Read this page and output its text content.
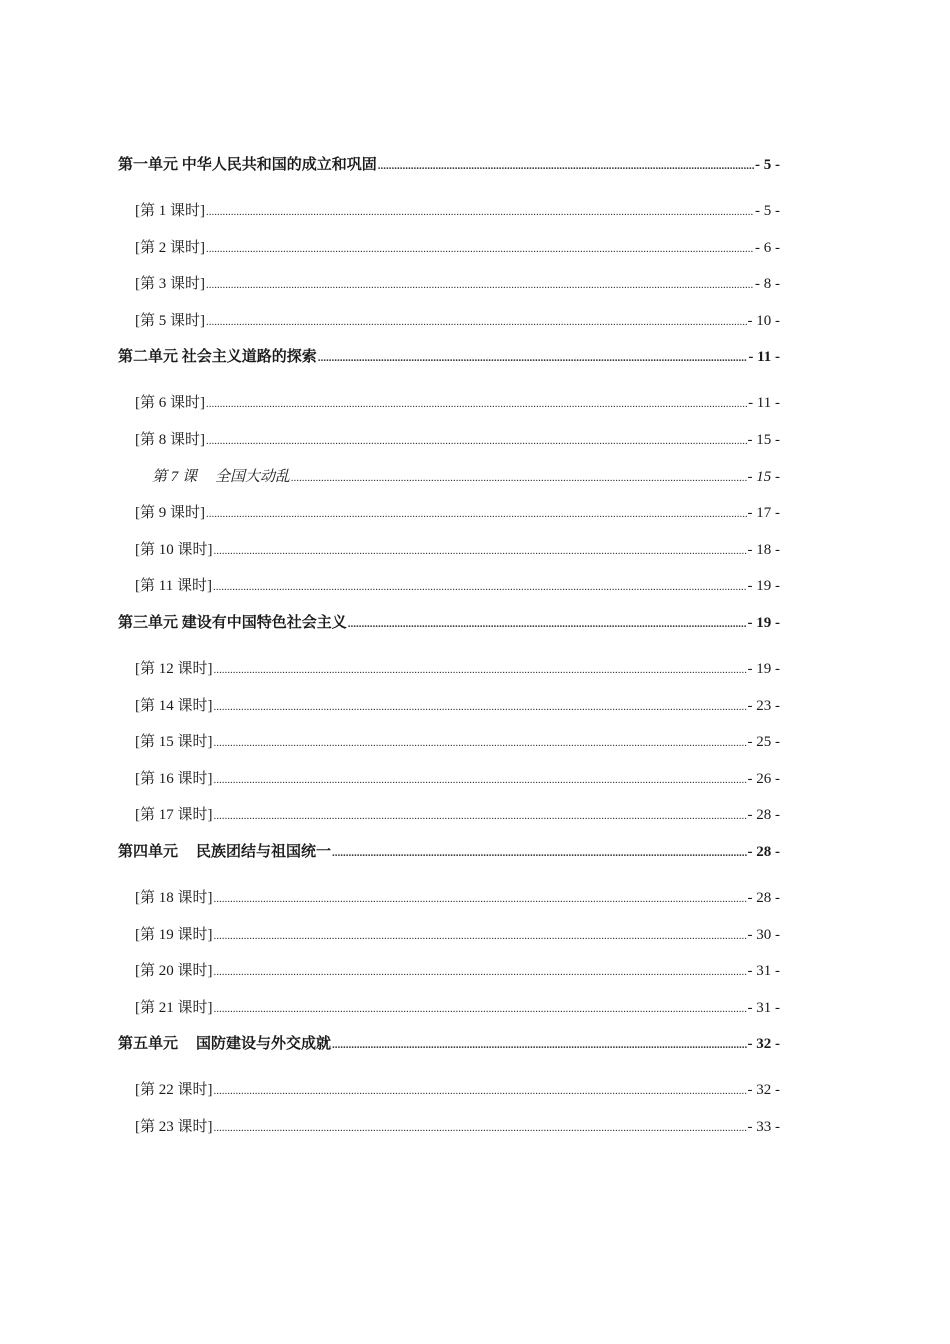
第一单元 中华人民共和国的成立和巩固 .....	- 5 -
[第 1 课时] .....	- 5 -
[第 2 课时] .....	- 6 -
[第 3 课时] .....	- 8 -
[第 5 课时] .....	- 10 -
第二单元 社会主义道路的探索 .....	- 11 -
[第 6 课时] .....	- 11 -
[第 8 课时] .....	- 15 -
第 7 课 全国大动乱 .....	- 15 -
[第 9 课时] .....	- 17 -
[第 10 课时] .....	- 18 -
[第 11 课时] .....	- 19 -
第三单元 建设有中国特色社会主义 .....	- 19 -
[第 12 课时] .....	- 19 -
[第 14 课时] .....	- 23 -
[第 15 课时] .....	- 25 -
[第 16 课时] .....	- 26 -
[第 17 课时] .....	- 28 -
第四单元 民族团结与祖国统一 .....	- 28 -
[第 18 课时] .....	- 28 -
[第 19 课时] .....	- 30 -
[第 20 课时] .....	- 31 -
[第 21 课时] .....	- 31 -
第五单元 国防建设与外交成就 .....	- 32 -
[第 22 课时] .....	- 32 -
[第 23 课时] .....	- 33 -
